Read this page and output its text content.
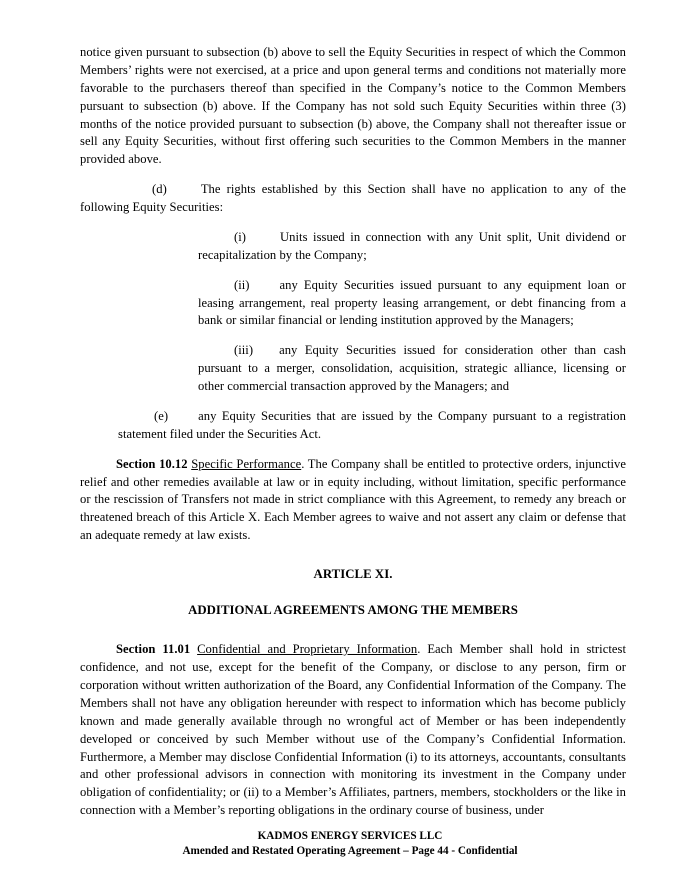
notice given pursuant to subsection (b) above to sell the Equity Securities in respect of which the Common Members’ rights were not exercised, at a price and upon general terms and conditions not materially more favorable to the purchasers thereof than specified in the Company’s notice to the Common Members pursuant to subsection (b) above. If the Company has not sold such Equity Securities within three (3) months of the notice provided pursuant to subsection (b) above, the Company shall not thereafter issue or sell any Equity Securities, without first offering such securities to the Common Members in the manner provided above.

(d)	The rights established by this Section shall have no application to any of the following Equity Securities:

(i)	Units issued in connection with any Unit split, Unit dividend or recapitalization by the Company;

(ii) any Equity Securities issued pursuant to any equipment loan or leasing arrangement, real property leasing arrangement, or debt financing from a bank or similar financial or lending institution approved by the Managers;

(iii) any Equity Securities issued for consideration other than cash pursuant to a merger, consolidation, acquisition, strategic alliance, licensing or other commercial transaction approved by the Managers; and

(e) any Equity Securities that are issued by the Company pursuant to a registration statement filed under the Securities Act.

Section 10.12 Specific Performance. The Company shall be entitled to protective orders, injunctive relief and other remedies available at law or in equity including, without limitation, specific performance or the rescission of Transfers not made in strict compliance with this Agreement, to remedy any breach or threatened breach of this Article X. Each Member agrees to waive and not assert any claim or defense that an adequate remedy at law exists.

ARTICLE XI.
ADDITIONAL AGREEMENTS AMONG THE MEMBERS

Section 11.01 Confidential and Proprietary Information. Each Member shall hold in strictest confidence, and not use, except for the benefit of the Company, or disclose to any person, firm or corporation without written authorization of the Board, any Confidential Information of the Company. The Members shall not have any obligation hereunder with respect to information which has become publicly known and made generally available through no wrongful act of Member or has been independently developed or conceived by such Member without use of the Company’s Confidential Information. Furthermore, a Member may disclose Confidential Information (i) to its attorneys, accountants, consultants and other professional advisors in connection with monitoring its investment in the Company under obligation of confidentiality; or (ii) to a Member’s Affiliates, partners, members, stockholders or the like in connection with a Member’s reporting obligations in the ordinary course of business, under

KADMOS ENERGY SERVICES LLC
Amended and Restated Operating Agreement – Page 44 - Confidential
